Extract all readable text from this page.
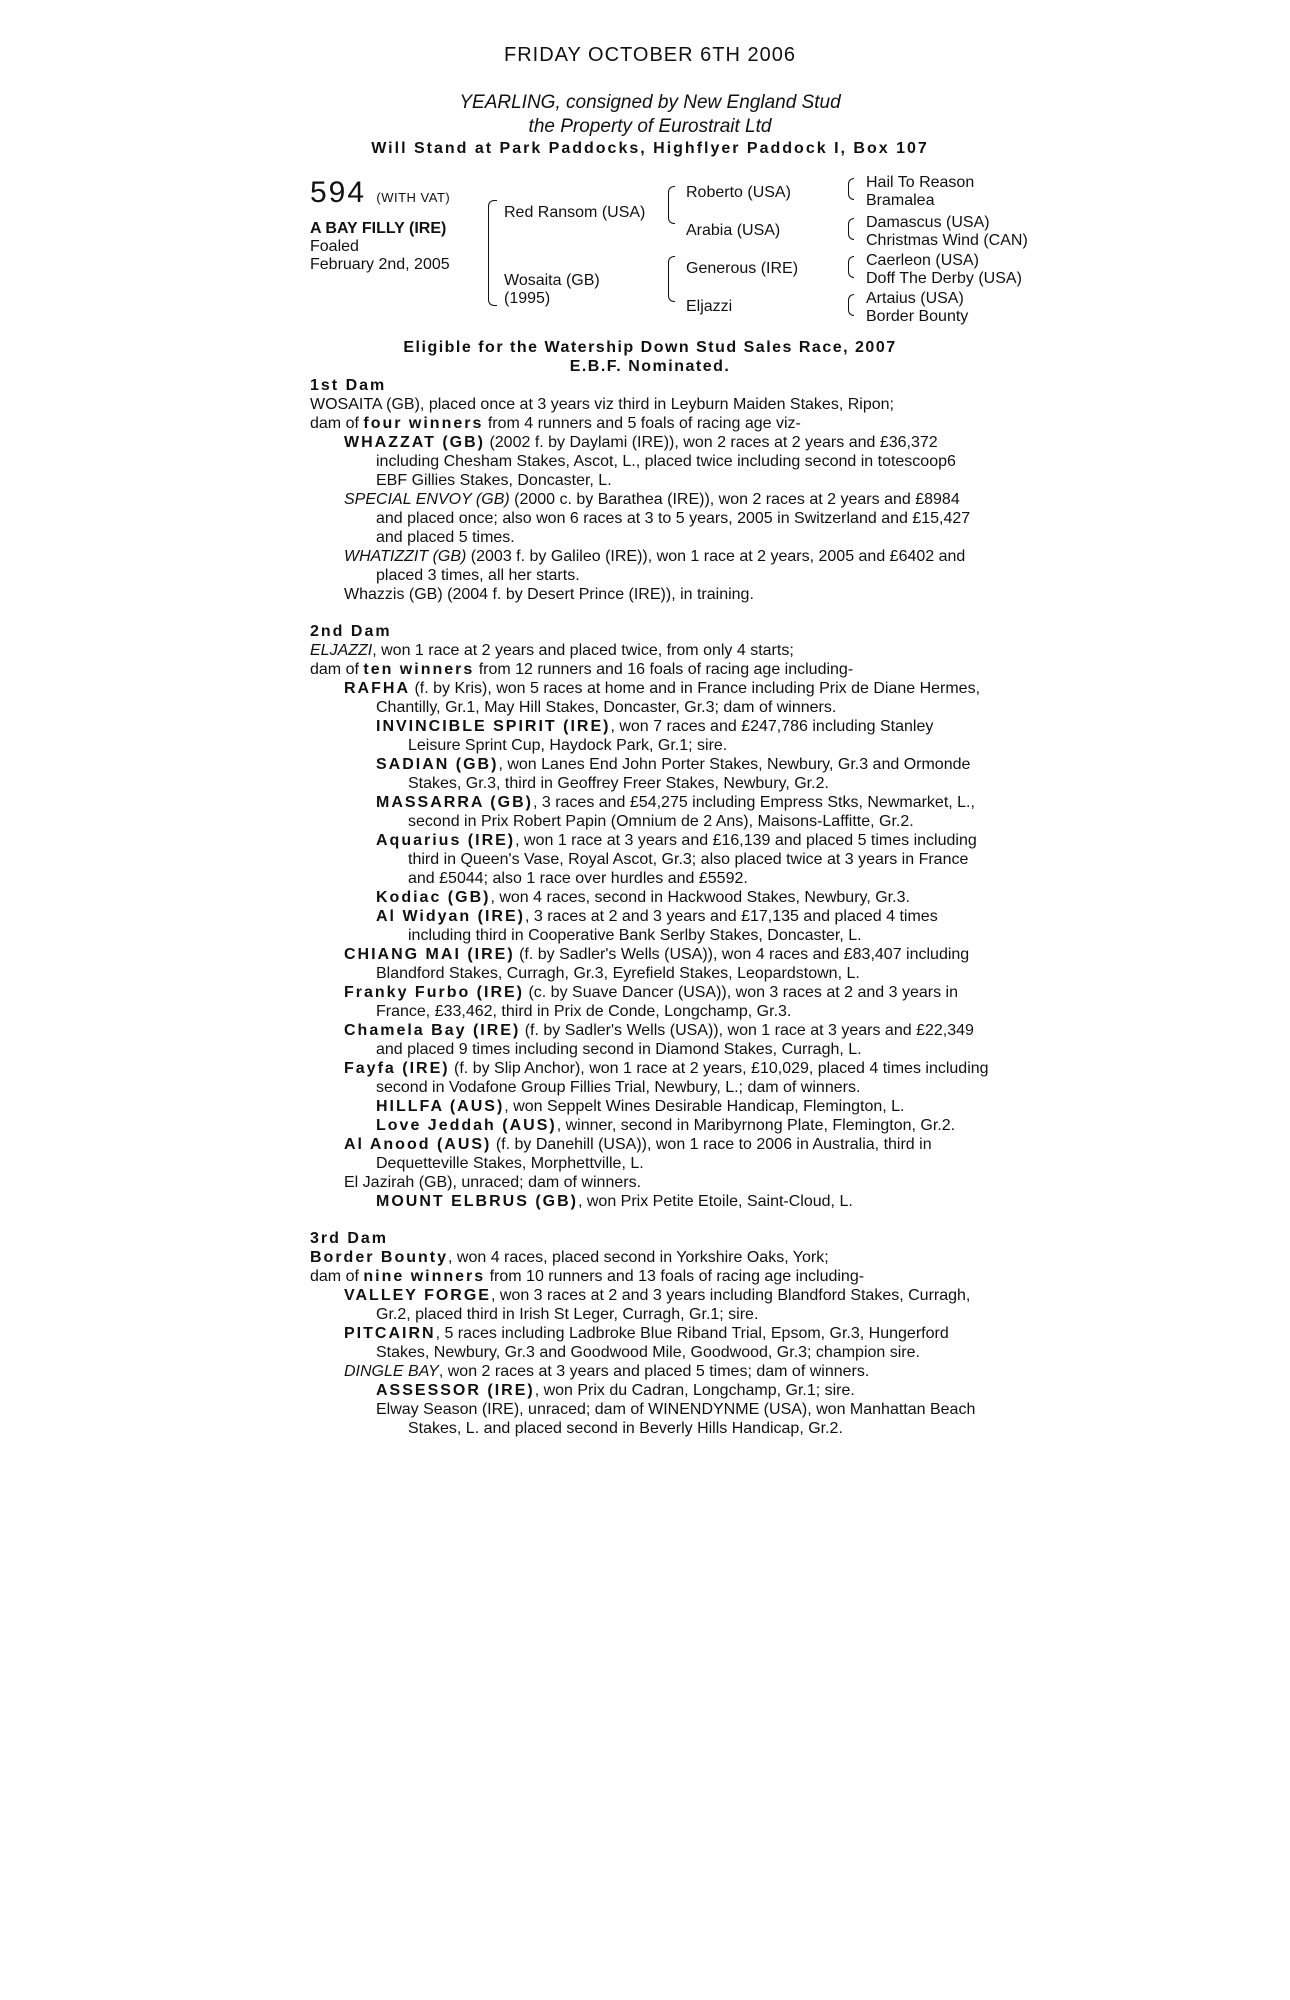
FRIDAY OCTOBER 6TH 2006

YEARLING, consigned by New England Stud

the Property of Eurostrait Ltd

Will Stand at Park Paddocks, Highflyer Paddock I, Box 107

594 (WITH VAT)
A BAY FILLY (IRE)
Foaled
February 2nd, 2005
Red Ransom (USA)
Wosaita (GB)
(1995)
Roberto (USA)
Arabia (USA)
Generous (IRE)
Eljazzi
Hail To Reason
Bramalea
Damascus (USA)
Christmas Wind (CAN)
Caerleon (USA)
Doff The Derby (USA)
Artaius (USA)
Border Bounty

Eligible for the Watership Down Stud Sales Race, 2007

E.B.F. Nominated.

1st Dam

WOSAITA (GB), placed once at 3 years viz third in Leyburn Maiden Stakes, Ripon;

dam of four winners from 4 runners and 5 foals of racing age viz-

WHAZZAT (GB) (2002 f. by Daylami (IRE)), won 2 races at 2 years and £36,372 including Chesham Stakes, Ascot, L., placed twice including second in totescoop6 EBF Gillies Stakes, Doncaster, L.

SPECIAL ENVOY (GB) (2000 c. by Barathea (IRE)), won 2 races at 2 years and £8984 and placed once; also won 6 races at 3 to 5 years, 2005 in Switzerland and £15,427 and placed 5 times.

WHATIZZIT (GB) (2003 f. by Galileo (IRE)), won 1 race at 2 years, 2005 and £6402 and placed 3 times, all her starts.

Whazzis (GB) (2004 f. by Desert Prince (IRE)), in training.

2nd Dam

ELJAZZI, won 1 race at 2 years and placed twice, from only 4 starts;

dam of ten winners from 12 runners and 16 foals of racing age including-

RAFHA (f. by Kris), won 5 races at home and in France including Prix de Diane Hermes, Chantilly, Gr.1, May Hill Stakes, Doncaster, Gr.3; dam of winners.

INVINCIBLE SPIRIT (IRE), won 7 races and £247,786 including Stanley Leisure Sprint Cup, Haydock Park, Gr.1; sire.

SADIAN (GB), won Lanes End John Porter Stakes, Newbury, Gr.3 and Ormonde Stakes, Gr.3, third in Geoffrey Freer Stakes, Newbury, Gr.2.

MASSARRA (GB), 3 races and £54,275 including Empress Stks, Newmarket, L., second in Prix Robert Papin (Omnium de 2 Ans), Maisons-Laffitte, Gr.2.

Aquarius (IRE), won 1 race at 3 years and £16,139 and placed 5 times including third in Queen's Vase, Royal Ascot, Gr.3; also placed twice at 3 years in France and £5044; also 1 race over hurdles and £5592.

Kodiac (GB), won 4 races, second in Hackwood Stakes, Newbury, Gr.3.

Al Widyan (IRE), 3 races at 2 and 3 years and £17,135 and placed 4 times including third in Cooperative Bank Serlby Stakes, Doncaster, L.

CHIANG MAI (IRE) (f. by Sadler's Wells (USA)), won 4 races and £83,407 including Blandford Stakes, Curragh, Gr.3, Eyrefield Stakes, Leopardstown, L.

Franky Furbo (IRE) (c. by Suave Dancer (USA)), won 3 races at 2 and 3 years in France, £33,462, third in Prix de Conde, Longchamp, Gr.3.

Chamela Bay (IRE) (f. by Sadler's Wells (USA)), won 1 race at 3 years and £22,349 and placed 9 times including second in Diamond Stakes, Curragh, L.

Fayfa (IRE) (f. by Slip Anchor), won 1 race at 2 years, £10,029, placed 4 times including second in Vodafone Group Fillies Trial, Newbury, L.; dam of winners.

HILLFA (AUS), won Seppelt Wines Desirable Handicap, Flemington, L.

Love Jeddah (AUS), winner, second in Maribyrnong Plate, Flemington, Gr.2.

Al Anood (AUS) (f. by Danehill (USA)), won 1 race to 2006 in Australia, third in Dequetteville Stakes, Morphettville, L.

El Jazirah (GB), unraced; dam of winners.

MOUNT ELBRUS (GB), won Prix Petite Etoile, Saint-Cloud, L.

3rd Dam

Border Bounty, won 4 races, placed second in Yorkshire Oaks, York;

dam of nine winners from 10 runners and 13 foals of racing age including-

VALLEY FORGE, won 3 races at 2 and 3 years including Blandford Stakes, Curragh, Gr.2, placed third in Irish St Leger, Curragh, Gr.1; sire.

PITCAIRN, 5 races including Ladbroke Blue Riband Trial, Epsom, Gr.3, Hungerford Stakes, Newbury, Gr.3 and Goodwood Mile, Goodwood, Gr.3; champion sire.

DINGLE BAY, won 2 races at 3 years and placed 5 times; dam of winners.

ASSESSOR (IRE), won Prix du Cadran, Longchamp, Gr.1; sire.

Elway Season (IRE), unraced; dam of WINENDYNME (USA), won Manhattan Beach Stakes, L. and placed second in Beverly Hills Handicap, Gr.2.
